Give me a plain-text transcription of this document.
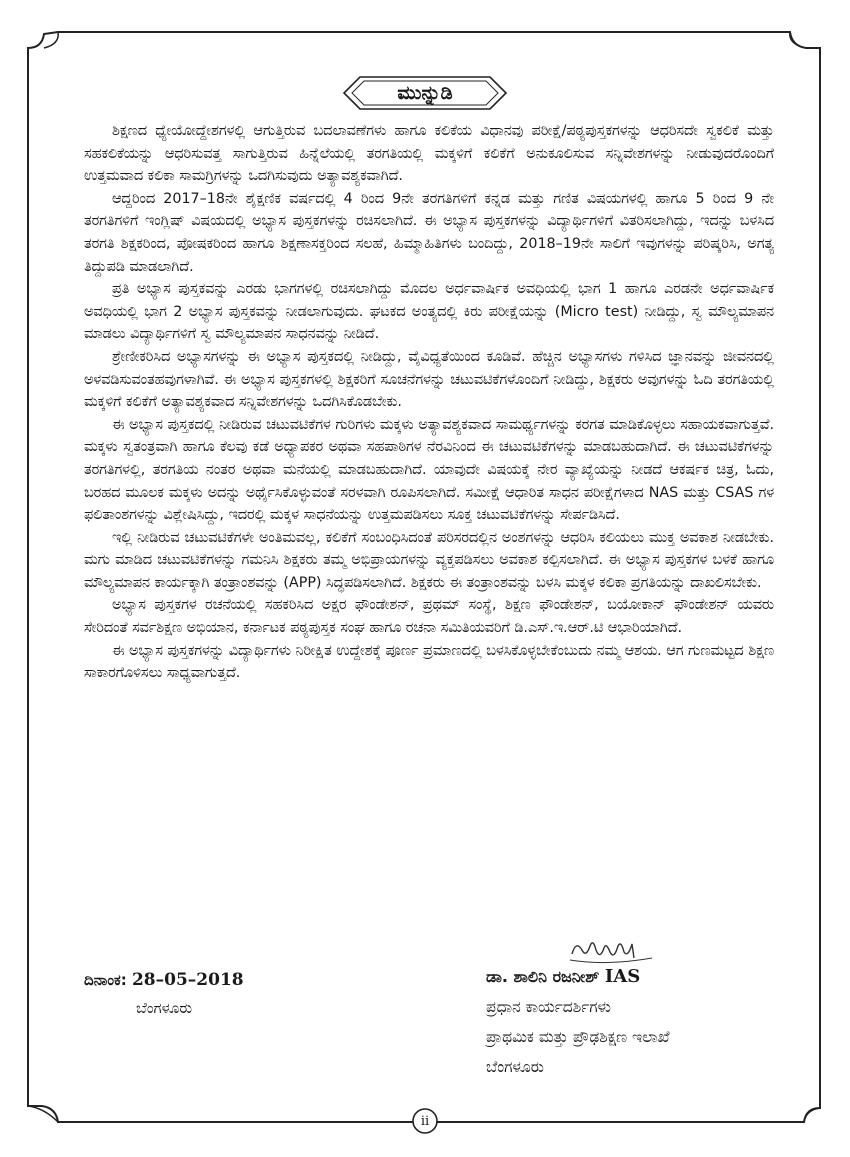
ಮುನ್ನುಡಿ

ಶಿಕ್ಷಣದ ಧ್ಯೇಯೋದ್ದೇಶಗಳಲ್ಲಿ ಆಗುತ್ತಿರುವ ಬದಲಾವಣೆಗಳು ಹಾಗೂ ಕಲಿಕೆಯ ವಿಧಾನವು ಪರೀಕ್ಷೆ/ಪಠ್ಯಪುಸ್ತಕಗಳನ್ನು ಆಧರಿಸದೇ ಸ್ವಕಲಿಕೆ ಮತ್ತು ಸಹಕಲಿಕೆಯನ್ನು ಆಧರಿಸುವತ್ತ ಸಾಗುತ್ತಿರುವ ಹಿನ್ನೆಲೆಯಲ್ಲಿ ತರಗತಿಯಲ್ಲಿ ಮಕ್ಕಳಿಗೆ ಕಲಿಕೆಗೆ ಅನುಕೂಲಿಸುವ ಸನ್ನಿವೇಶಗಳನ್ನು ನೀಡುವುದರೊಂದಿಗೆ ಉತ್ತಮವಾದ ಕಲಿಕಾ ಸಾಮಗ್ರಿಗಳನ್ನು ಒದಗಿಸುವುದು ಅತ್ಯಾವಶ್ಯಕವಾಗಿದೆ.

ಆದ್ದರಿಂದ 2017–18ನೇ ಶೈಕ್ಷಣಿಕ ವರ್ಷದಲ್ಲಿ 4 ರಿಂದ 9ನೇ ತರಗತಿಗಳಿಗೆ ಕನ್ನಡ ಮತ್ತು ಗಣಿತ ವಿಷಯಗಳಲ್ಲಿ ಹಾಗೂ 5 ರಿಂದ 9 ನೇ ತರಗತಿಗಳಿಗೆ ಇಂಗ್ಲಿಷ್ ವಿಷಯದಲ್ಲಿ ಅಭ್ಯಾಸ ಪುಸ್ತಕಗಳನ್ನು ರಚಿಸಲಾಗಿದೆ. ಈ ಅಭ್ಯಾಸ ಪುಸ್ತಕಗಳನ್ನು ವಿದ್ಯಾರ್ಥಿಗಳಿಗೆ ವಿತರಿಸಲಾಗಿದ್ದು, ಇದನ್ನು ಬಳಸಿದ ತರಗತಿ ಶಿಕ್ಷಕರಿಂದ, ಪೋಷಕರಿಂದ ಹಾಗೂ ಶಿಕ್ಷಣಾಸಕ್ತರಿಂದ ಸಲಹೆ, ಹಿಮ್ಮಾಹಿತಿಗಳು ಬಂದಿದ್ದು, 2018–19ನೇ ಸಾಲಿಗೆ ಇವುಗಳನ್ನು ಪರಿಷ್ಕರಿಸಿ, ಅಗತ್ಯ ತಿದ್ದುಪಡಿ ಮಾಡಲಾಗಿದೆ.

ಪ್ರತಿ ಅಭ್ಯಾಸ ಪುಸ್ತಕವನ್ನು ಎರಡು ಭಾಗಗಳಲ್ಲಿ ರಚಿಸಲಾಗಿದ್ದು ಮೊದಲ ಅರ್ಧವಾರ್ಷಿಕ ಅವಧಿಯಲ್ಲಿ ಭಾಗ 1 ಹಾಗೂ ಎರಡನೇ ಅರ್ಧವಾರ್ಷಿಕ ಅವಧಿಯಲ್ಲಿ ಭಾಗ 2 ಅಭ್ಯಾಸ ಪುಸ್ತಕವನ್ನು ನೀಡಲಾಗುವುದು. ಘಟಕದ ಅಂತ್ಯದಲ್ಲಿ ಕಿರು ಪರೀಕ್ಷೆಯನ್ನು (Micro test) ನೀಡಿದ್ದು, ಸ್ವ ಮೌಲ್ಯಮಾಪನ ಮಾಡಲು ವಿದ್ಯಾರ್ಥಿಗಳಿಗೆ ಸ್ವ ಮೌಲ್ಯಮಾಪನ ಸಾಧನವನ್ನು ನೀಡಿದೆ.

ಶ್ರೇಣೀಕರಿಸಿದ ಅಭ್ಯಾಸಗಳನ್ನು ಈ ಅಭ್ಯಾಸ ಪುಸ್ತಕದಲ್ಲಿ ನೀಡಿದ್ದು, ವೈವಿಧ್ಯತೆಯಿಂದ ಕೂಡಿವೆ. ಹೆಚ್ಚಿನ ಅಭ್ಯಾಸಗಳು ಗಳಿಸಿದ ಜ್ಞಾನವನ್ನು ಜೀವನದಲ್ಲಿ ಅಳವಡಿಸುವಂತಹವುಗಳಾಗಿವೆ. ಈ ಅಭ್ಯಾಸ ಪುಸ್ತಕಗಳಲ್ಲಿ ಶಿಕ್ಷಕರಿಗೆ ಸೂಚನೆಗಳನ್ನು ಚಟುವಟಿಕೆಗಳೊಂದಿಗೆ ನೀಡಿದ್ದು, ಶಿಕ್ಷಕರು ಅವುಗಳನ್ನು ಓದಿ ತರಗತಿಯಲ್ಲಿ ಮಕ್ಕಳಿಗೆ ಕಲಿಕೆಗೆ ಅತ್ಯಾವಶ್ಯಕವಾದ ಸನ್ನಿವೇಶಗಳನ್ನು ಒದಗಿಸಿಕೊಡಬೇಕು.

ಈ ಅಭ್ಯಾಸ ಪುಸ್ತಕದಲ್ಲಿ ನೀಡಿರುವ ಚಟುವಟಿಕೆಗಳ ಗುರಿಗಳು ಮಕ್ಕಳು ಅತ್ಯಾವಶ್ಯಕವಾದ ಸಾಮರ್ಥ್ಯಗಳನ್ನು ಕರಗತ ಮಾಡಿಕೊಳ್ಳಲು ಸಹಾಯಕವಾಗುತ್ತವೆ. ಮಕ್ಕಳು ಸ್ವತಂತ್ರವಾಗಿ ಹಾಗೂ ಕೆಲವು ಕಡೆ ಅಧ್ಯಾಪಕರ ಅಥವಾ ಸಹಪಾಠಿಗಳ ನೆರವಿನಿಂದ ಈ ಚಟುವಟಿಕೆಗಳನ್ನು ಮಾಡಬಹುದಾಗಿದೆ. ಈ ಚಟುವಟಿಕೆಗಳನ್ನು ತರಗತಿಗಳಲ್ಲಿ, ತರಗತಿಯ ನಂತರ ಅಥವಾ ಮನೆಯಲ್ಲಿ ಮಾಡಬಹುದಾಗಿದೆ. ಯಾವುದೇ ವಿಷಯಕ್ಕೆ ನೇರ ವ್ಯಾಖ್ಯೆಯನ್ನು ನೀಡದೆ ಆಕರ್ಷಕ ಚಿತ್ರ, ಓದು, ಬರಹದ ಮೂಲಕ ಮಕ್ಕಳು ಅದನ್ನು ಅರ್ಥೈಸಿಕೊಳ್ಳುವಂತೆ ಸರಳವಾಗಿ ರೂಪಿಸಲಾಗಿದೆ. ಸಮೀಕ್ಷೆ ಆಧಾರಿತ ಸಾಧನ ಪರೀಕ್ಷೆಗಳಾದ NAS ಮತ್ತು CSAS ಗಳ ಫಲಿತಾಂಶಗಳನ್ನು ವಿಶ್ಲೇಷಿಸಿದ್ದು, ಇದರಲ್ಲಿ ಮಕ್ಕಳ ಸಾಧನೆಯನ್ನು ಉತ್ತಮಪಡಿಸಲು ಸೂಕ್ತ ಚಟುವಟಿಕೆಗಳನ್ನು ಸೇರ್ಪಡಿಸಿದೆ.

ಇಲ್ಲಿ ನೀಡಿರುವ ಚಟುವಟಿಕೆಗಳೇ ಅಂತಿಮವಲ್ಲ, ಕಲಿಕೆಗೆ ಸಂಬಂಧಿಸಿದಂತೆ ಪರಿಸರದಲ್ಲಿನ ಅಂಶಗಳನ್ನು ಆಧರಿಸಿ ಕಲಿಯಲು ಮುಕ್ತ ಅವಕಾಶ ನೀಡಬೇಕು. ಮಗು ಮಾಡಿದ ಚಟುವಟಿಕೆಗಳನ್ನು ಗಮನಿಸಿ ಶಿಕ್ಷಕರು ತಮ್ಮ ಅಭಿಪ್ರಾಯಗಳನ್ನು ವ್ಯಕ್ತಪಡಿಸಲು ಅವಕಾಶ ಕಲ್ಪಿಸಲಾಗಿದೆ. ಈ ಅಭ್ಯಾಸ ಪುಸ್ತಕಗಳ ಬಳಕೆ ಹಾಗೂ ಮೌಲ್ಯಮಾಪನ ಕಾರ್ಯಕ್ಕಾಗಿ ತಂತ್ರಾಂಶವನ್ನು (APP) ಸಿದ್ಧಪಡಿಸಲಾಗಿದೆ. ಶಿಕ್ಷಕರು ಈ ತಂತ್ರಾಂಶವನ್ನು ಬಳಸಿ ಮಕ್ಕಳ ಕಲಿಕಾ ಪ್ರಗತಿಯನ್ನು ದಾಖಲಿಸಬೇಕು.

ಅಭ್ಯಾಸ ಪುಸ್ತಕಗಳ ರಚನೆಯಲ್ಲಿ ಸಹಕರಿಸಿದ ಅಕ್ಷರ ಫೌಂಡೇಶನ್, ಪ್ರಥಮ್ ಸಂಸ್ಥೆ, ಶಿಕ್ಷಣ ಫೌಂಡೇಶನ್, ಬಯೋಕಾನ್ ಫೌಂಡೇಶನ್ ಯವರು ಸೇರಿದಂತೆ ಸರ್ವಶಿಕ್ಷಣ ಅಭಿಯಾನ, ಕರ್ನಾಟಕ ಪಠ್ಯಪುಸ್ತಕ ಸಂಘ ಹಾಗೂ ರಚನಾ ಸಮಿತಿಯವರಿಗೆ ಡಿ.ಎಸ್.ಇ.ಆರ್.ಟಿ ಆಭಾರಿಯಾಗಿದೆ.

ಈ ಅಭ್ಯಾಸ ಪುಸ್ತಕಗಳನ್ನು ವಿದ್ಯಾರ್ಥಿಗಳು ನಿರೀಕ್ಷಿತ ಉದ್ದೇಶಕ್ಕೆ ಪೂರ್ಣ ಪ್ರಮಾಣದಲ್ಲಿ ಬಳಸಿಕೊಳ್ಳಬೇಕೆಂಬುದು ನಮ್ಮ ಆಶಯ. ಆಗ ಗುಣಮಟ್ಟದ ಶಿಕ್ಷಣ ಸಾಕಾರಗೊಳಿಸಲು ಸಾಧ್ಯವಾಗುತ್ತದೆ.

ದಿನಾಂಕ: 28–05–2018
ಬೆಂಗಳೂರು
ಡಾ. ಶಾಲಿನಿ ರಜನೀಶ್ IAS
ಪ್ರಧಾನ ಕಾರ್ಯದರ್ಶಿಗಳು
ಪ್ರಾಥಮಿಕ ಮತ್ತು ಪ್ರೌಢಶಿಕ್ಷಣ ಇಲಾಖೆ
ಬೆಂಗಳೂರು
ii
